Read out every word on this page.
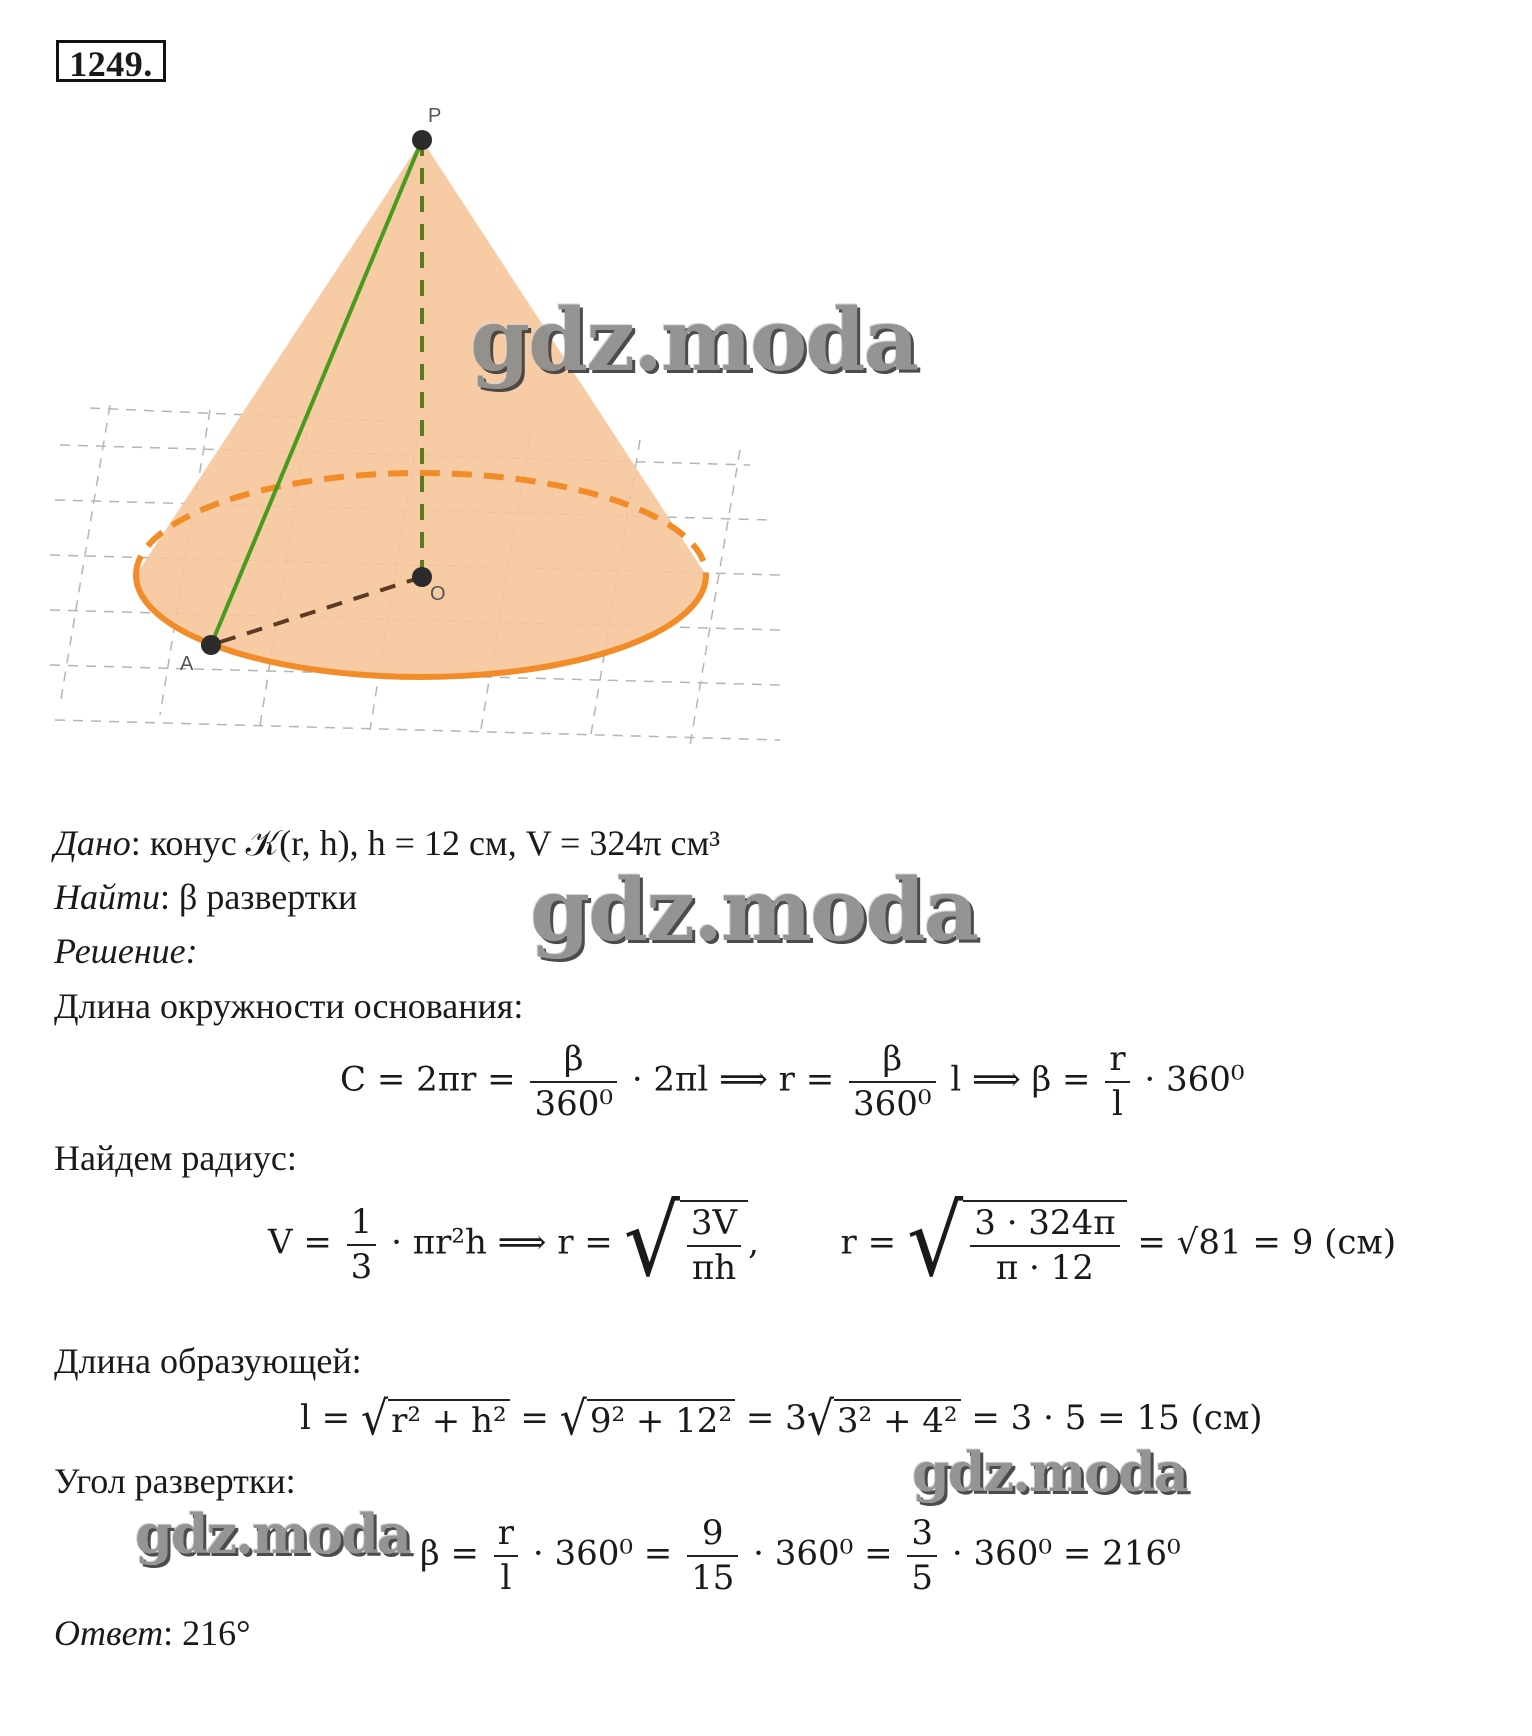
1249.
P
O
A
Дано: конус 𝒦(r, h), h = 12 см, V = 324π см³
Найти: β развертки
Решение:
Длина окружности основания:
$C = 2\pi r = \frac{\beta}{\text{360⁰}} \cdot 2\pi l$ ⟹ $r = \frac{\beta}{\text{360⁰}}$ l ⟹ $\beta = \frac{r}{l} \cdot 360^0$
Найдем радиус:
$V = \frac{1}{3} \cdot \pi r^2h$ ⟹ r = √ $\frac{3V}{\pi h}$ , r = √ $\frac{3 \cdot 324\pi}{\pi \cdot 12} = √81 = 9$ (см)
Длина образующей:
l = √ r² + h² = √ 9² + 12² = 3 √ 3² + 4² = 3 · 5 = 15 (см)
Угол развертки:
$\beta = \frac{r}{l} \cdot 360^0 = \frac{9}{15} \cdot 360^0 = \frac{3}{5} \cdot 360^0 = 216^0$
Ответ: 216°
gdz.moda
gdz.moda
gdz.moda
gdz.moda
